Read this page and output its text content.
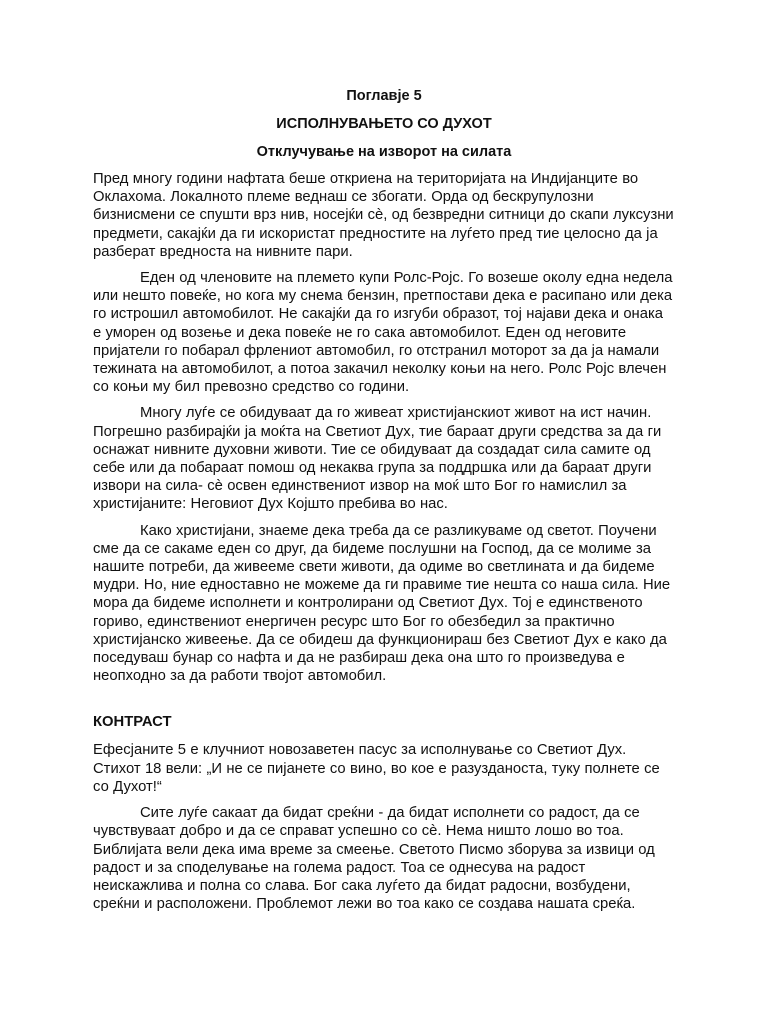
Поглавје 5
ИСПОЛНУВАЊЕТО СО ДУХОТ
Отклучување на изворот на силата

Пред многу години нафтата беше откриена на територијата на Индијанците во Оклахома. Локалното племе веднаш се збогати. Орда од бескрупулозни бизнисмени се спушти врз нив, носејќи сè, од безвредни ситници до скапи луксузни предмети, сакајќи да ги искористат предностите на луѓето пред тие целосно да ја разберат вредноста на нивните пари.

Еден од членовите на племето купи Ролс-Ројс. Го возеше околу една недела или нешто повеќе, но кога му снема бензин, претпостави дека е расипано или дека го истрошил автомобилот. Не сакајќи да го изгуби образот, тој најави дека и онака е уморен од возење и дека повеќе не го сака автомобилот. Еден од неговите пријатели го побарал фрлениот автомобил, го отстранил моторот за да ја намали тежината на автомобилот, а потоа закачил неколку коњи на него. Ролс Ројс влечен со коњи му бил превозно средство со години.

Многу луѓе се обидуваат да го живеат христијанскиот живот на ист начин. Погрешно разбирајќи ја моќта на Светиот Дух, тие бараат други средства за да ги оснажат нивните духовни животи. Тие се обидуваат да создадат сила самите од себе или да побараат помош од некаква група за поддршка или да бараат други извори на сила- сè освен единствениот извор на моќ што Бог го намислил за христијаните: Неговиот Дух Којшто пребива во нас.

Како христијани, знаеме дека треба да се разликуваме од светот. Поучени сме да се сакаме еден со друг, да бидеме послушни на Господ, да се молиме за нашите потреби, да живееме свети животи, да одиме во светлината и да бидеме мудри. Но, ние едноставно не можеме да ги правиме тие нешта со наша сила. Ние мора да бидеме исполнети и контролирани од Светиот Дух. Тој е единственото гориво, единствениот енергичен ресурс што Бог го обезбедил за практично христијанско живеење. Да се обидеш да функционираш без Светиот Дух е како да поседуваш бунар со нафта и да не разбираш дека она што го произведува е неопходно за да работи твојот автомобил.

КОНТРАСТ

Ефесјаните 5 е клучниот новозаветен пасус за исполнување со Светиот Дух. Стихот 18 вели: „И не се пијанете со вино, во кое е разузданоста, туку полнете се со Духот!“

Сите луѓе сакаат да бидат среќни - да бидат исполнети со радост, да се чувствуваат добро и да се справат успешно со сè. Нема ништо лошо во тоа. Библијата вели дека има време за смеење. Светото Писмо зборува за извици од радост и за споделување на голема радост. Тоа се однесува на радост неискажлива и полна со слава. Бог сака луѓето да бидат радосни, возбудени, среќни и расположени. Проблемот лежи во тоа како се создава нашата среќа.
